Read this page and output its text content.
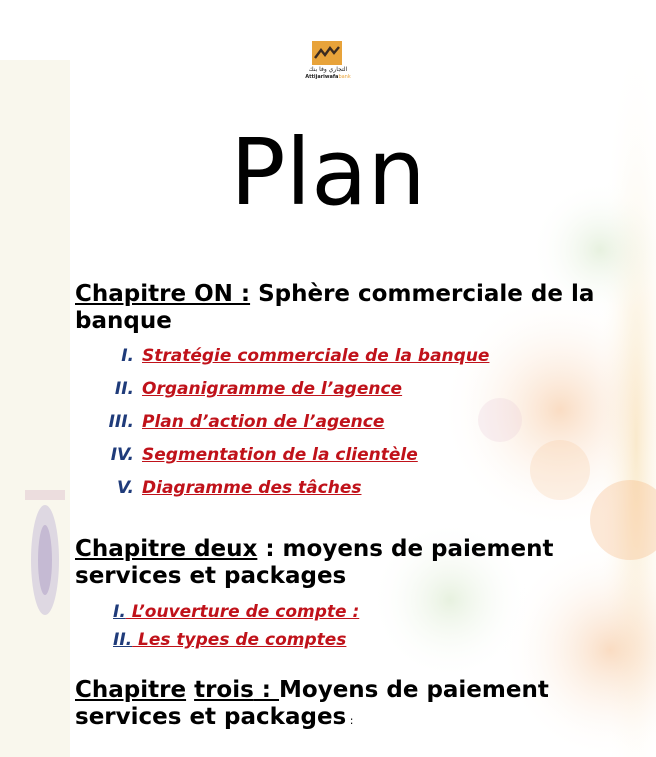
التجاري وفا بنك
Attijariwafabank
Plan
Chapitre ON : Sphère commerciale de la banque
I. Stratégie commerciale de la banque
II. Organigramme de l’agence
III. Plan d’action de l’agence
IV. Segmentation de la clientèle
V. Diagramme des tâches
Chapitre deux : moyens de paiement services et packages
I. L’ouverture de compte :
II. Les types de comptes
Chapitre trois : Moyens de paiement services et packages :
